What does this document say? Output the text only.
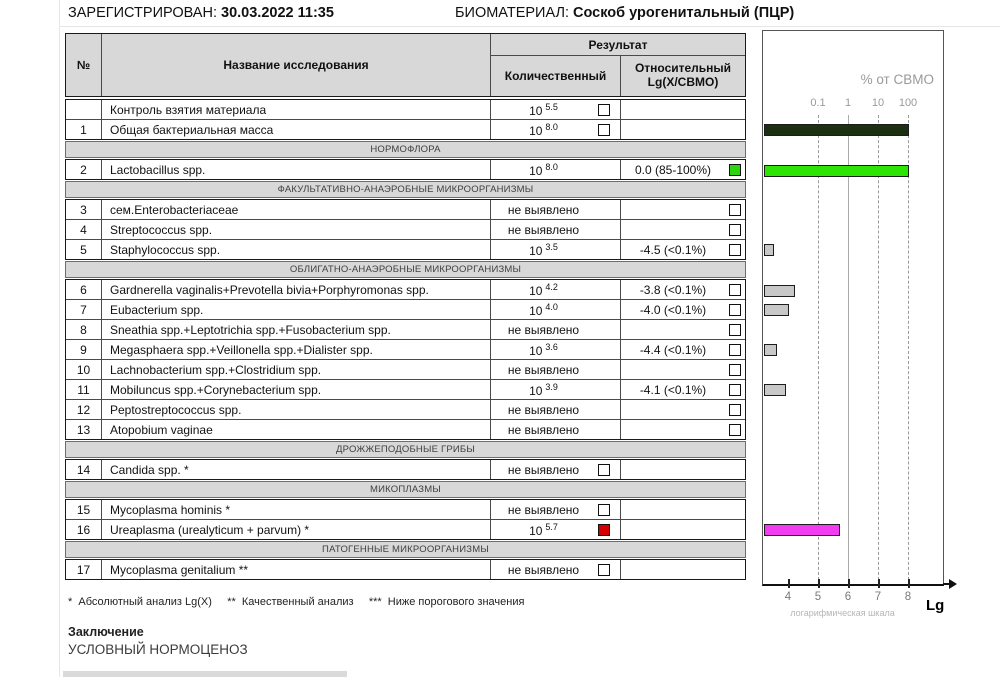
ЗАРЕГИСТРИРОВАН: 30.03.2022 11:35	БИОМАТЕРИАЛ: Соскоб урогенитальный (ПЦР)
№	Название исследования
Результат
Количественный
Относительный Lg(X/СВМО)
Контроль взятия материала	10 $^{5.5}$
1	Общая бактериальная масса	10 $^{8.0}$
НОРМОФЛОРА
2	Lactobacillus spp.	10 $^{8.0}$	0.0 (85-100%)
ФАКУЛЬТАТИВНО-АНАЭРОБНЫЕ МИКРООРГАНИЗМЫ
3	сем.Enterobacteriaceae	не выявлено
4	Streptococcus spp.	не выявлено
5	Staphylococcus spp.	10 $^{3.5}$	-4.5 (<0.1%)
ОБЛИГАТНО-АНАЭРОБНЫЕ МИКРООРГАНИЗМЫ
6	Gardnerella vaginalis+Prevotella bivia+Porphyromonas spp.	10 $^{4.2}$	-3.8 (<0.1%)
7	Eubacterium spp.	10 $^{4.0}$	-4.0 (<0.1%)
8	Sneathia spp.+Leptotrichia spp.+Fusobacterium spp.	не выявлено
9	Megasphaera spp.+Veillonella spp.+Dialister spp.	10 $^{3.6}$	-4.4 (<0.1%)
10	Lachnobacterium spp.+Clostridium spp.	не выявлено
11	Mobiluncus spp.+Corynebacterium spp.	10 $^{3.9}$	-4.1 (<0.1%)
12	Peptostreptococcus spp.	не выявлено
13	Atopobium vaginae	не выявлено
ДРОЖЖЕПОДОБНЫЕ ГРИБЫ
14	Candida spp. *	не выявлено
МИКОПЛАЗМЫ
15	Mycoplasma hominis *	не выявлено
16	Ureaplasma (urealyticum + parvum) *	10 $^{5.7}$
ПАТОГЕННЫЕ МИКРООРГАНИЗМЫ
17	Mycoplasma genitalium **	не выявлено
0.1 1 10 100
% от СВМО
логарифмическая шкала	Lg
4 5 6 7 8
*  Абсолютный анализ Lg(X)     **  Качественный анализ     ***  Ниже порогового значения
Заключение
УСЛОВНЫЙ НОРМОЦЕНОЗ
